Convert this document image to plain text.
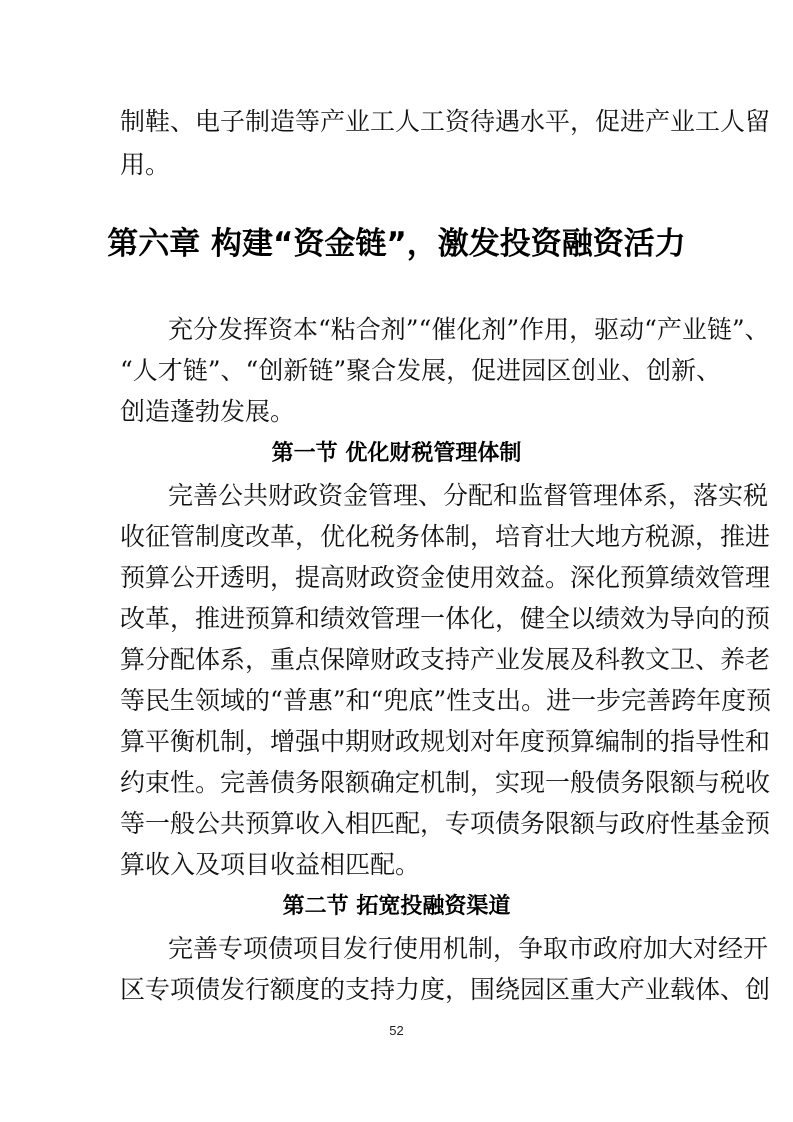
制鞋、电子制造等产业工人工资待遇水平，促进产业工人留
用。
第六章 构建“资金链”，激发投资融资活力
充分发挥资本“粘合剂”“催化剂”作用，驱动“产业链”、
“人才链”、“创新链”聚合发展，促进园区创业、创新、
创造蓬勃发展。
第一节 优化财税管理体制
完善公共财政资金管理、分配和监督管理体系，落实税
收征管制度改革，优化税务体制，培育壮大地方税源，推进
预算公开透明，提高财政资金使用效益。深化预算绩效管理
改革，推进预算和绩效管理一体化，健全以绩效为导向的预
算分配体系，重点保障财政支持产业发展及科教文卫、养老
等民生领域的“普惠”和“兜底”性支出。进一步完善跨年度预
算平衡机制，增强中期财政规划对年度预算编制的指导性和
约束性。完善债务限额确定机制，实现一般债务限额与税收
等一般公共预算收入相匹配，专项债务限额与政府性基金预
算收入及项目收益相匹配。
第二节 拓宽投融资渠道
完善专项债项目发行使用机制，争取市政府加大对经开
区专项债发行额度的支持力度，围绕园区重大产业载体、创
52
